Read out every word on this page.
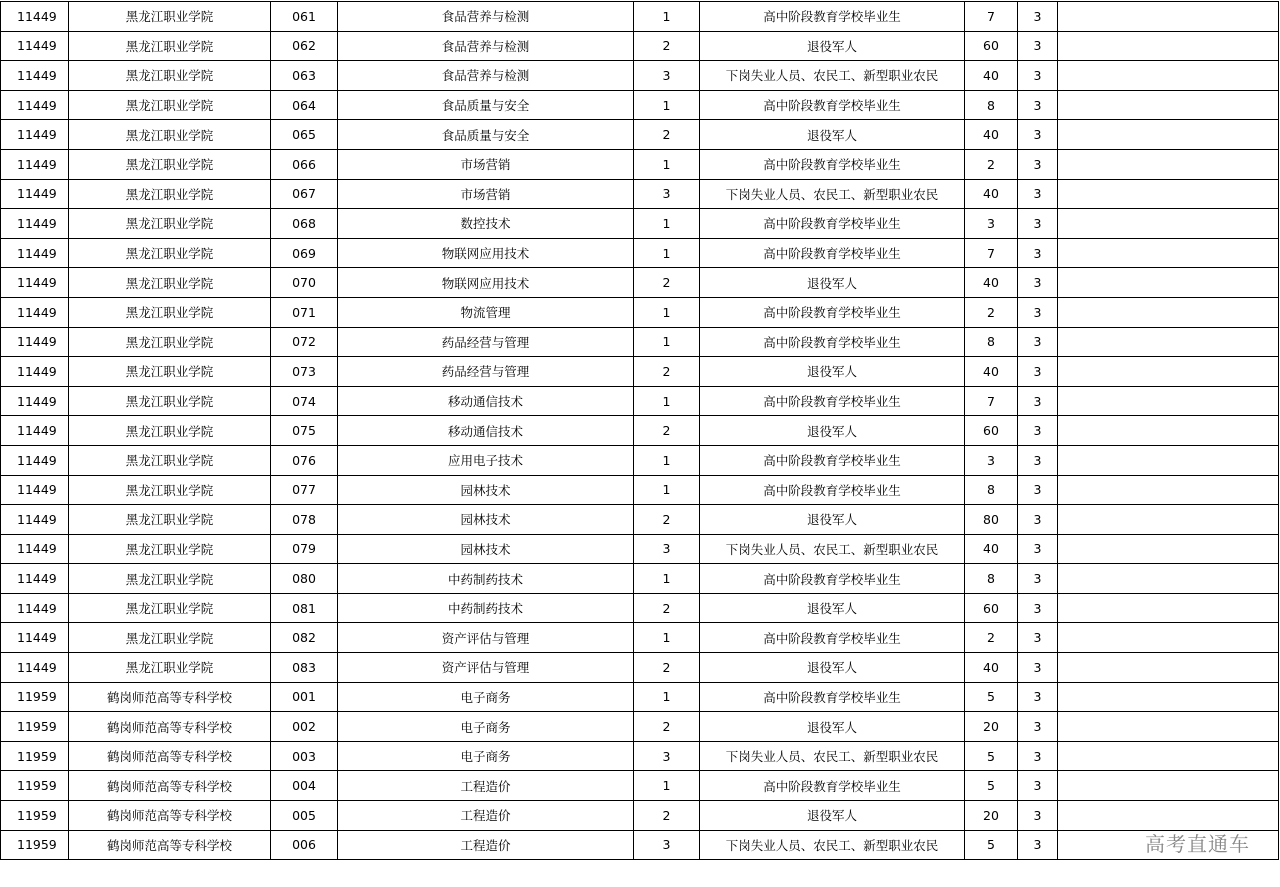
11449	黑龙江职业学院	061	食品营养与检测	1	高中阶段教育学校毕业生	7	3	
11449	黑龙江职业学院	062	食品营养与检测	2	退役军人	60	3	
11449	黑龙江职业学院	063	食品营养与检测	3	下岗失业人员、农民工、新型职业农民	40	3	
11449	黑龙江职业学院	064	食品质量与安全	1	高中阶段教育学校毕业生	8	3	
11449	黑龙江职业学院	065	食品质量与安全	2	退役军人	40	3	
11449	黑龙江职业学院	066	市场营销	1	高中阶段教育学校毕业生	2	3	
11449	黑龙江职业学院	067	市场营销	3	下岗失业人员、农民工、新型职业农民	40	3	
11449	黑龙江职业学院	068	数控技术	1	高中阶段教育学校毕业生	3	3	
11449	黑龙江职业学院	069	物联网应用技术	1	高中阶段教育学校毕业生	7	3	
11449	黑龙江职业学院	070	物联网应用技术	2	退役军人	40	3	
11449	黑龙江职业学院	071	物流管理	1	高中阶段教育学校毕业生	2	3	
11449	黑龙江职业学院	072	药品经营与管理	1	高中阶段教育学校毕业生	8	3	
11449	黑龙江职业学院	073	药品经营与管理	2	退役军人	40	3	
11449	黑龙江职业学院	074	移动通信技术	1	高中阶段教育学校毕业生	7	3	
11449	黑龙江职业学院	075	移动通信技术	2	退役军人	60	3	
11449	黑龙江职业学院	076	应用电子技术	1	高中阶段教育学校毕业生	3	3	
11449	黑龙江职业学院	077	园林技术	1	高中阶段教育学校毕业生	8	3	
11449	黑龙江职业学院	078	园林技术	2	退役军人	80	3	
11449	黑龙江职业学院	079	园林技术	3	下岗失业人员、农民工、新型职业农民	40	3	
11449	黑龙江职业学院	080	中药制药技术	1	高中阶段教育学校毕业生	8	3	
11449	黑龙江职业学院	081	中药制药技术	2	退役军人	60	3	
11449	黑龙江职业学院	082	资产评估与管理	1	高中阶段教育学校毕业生	2	3	
11449	黑龙江职业学院	083	资产评估与管理	2	退役军人	40	3	
11959	鹤岗师范高等专科学校	001	电子商务	1	高中阶段教育学校毕业生	5	3	
11959	鹤岗师范高等专科学校	002	电子商务	2	退役军人	20	3	
11959	鹤岗师范高等专科学校	003	电子商务	3	下岗失业人员、农民工、新型职业农民	5	3	
11959	鹤岗师范高等专科学校	004	工程造价	1	高中阶段教育学校毕业生	5	3	
11959	鹤岗师范高等专科学校	005	工程造价	2	退役军人	20	3	
11959	鹤岗师范高等专科学校	006	工程造价	3	下岗失业人员、农民工、新型职业农民	5	3		高考直通车
